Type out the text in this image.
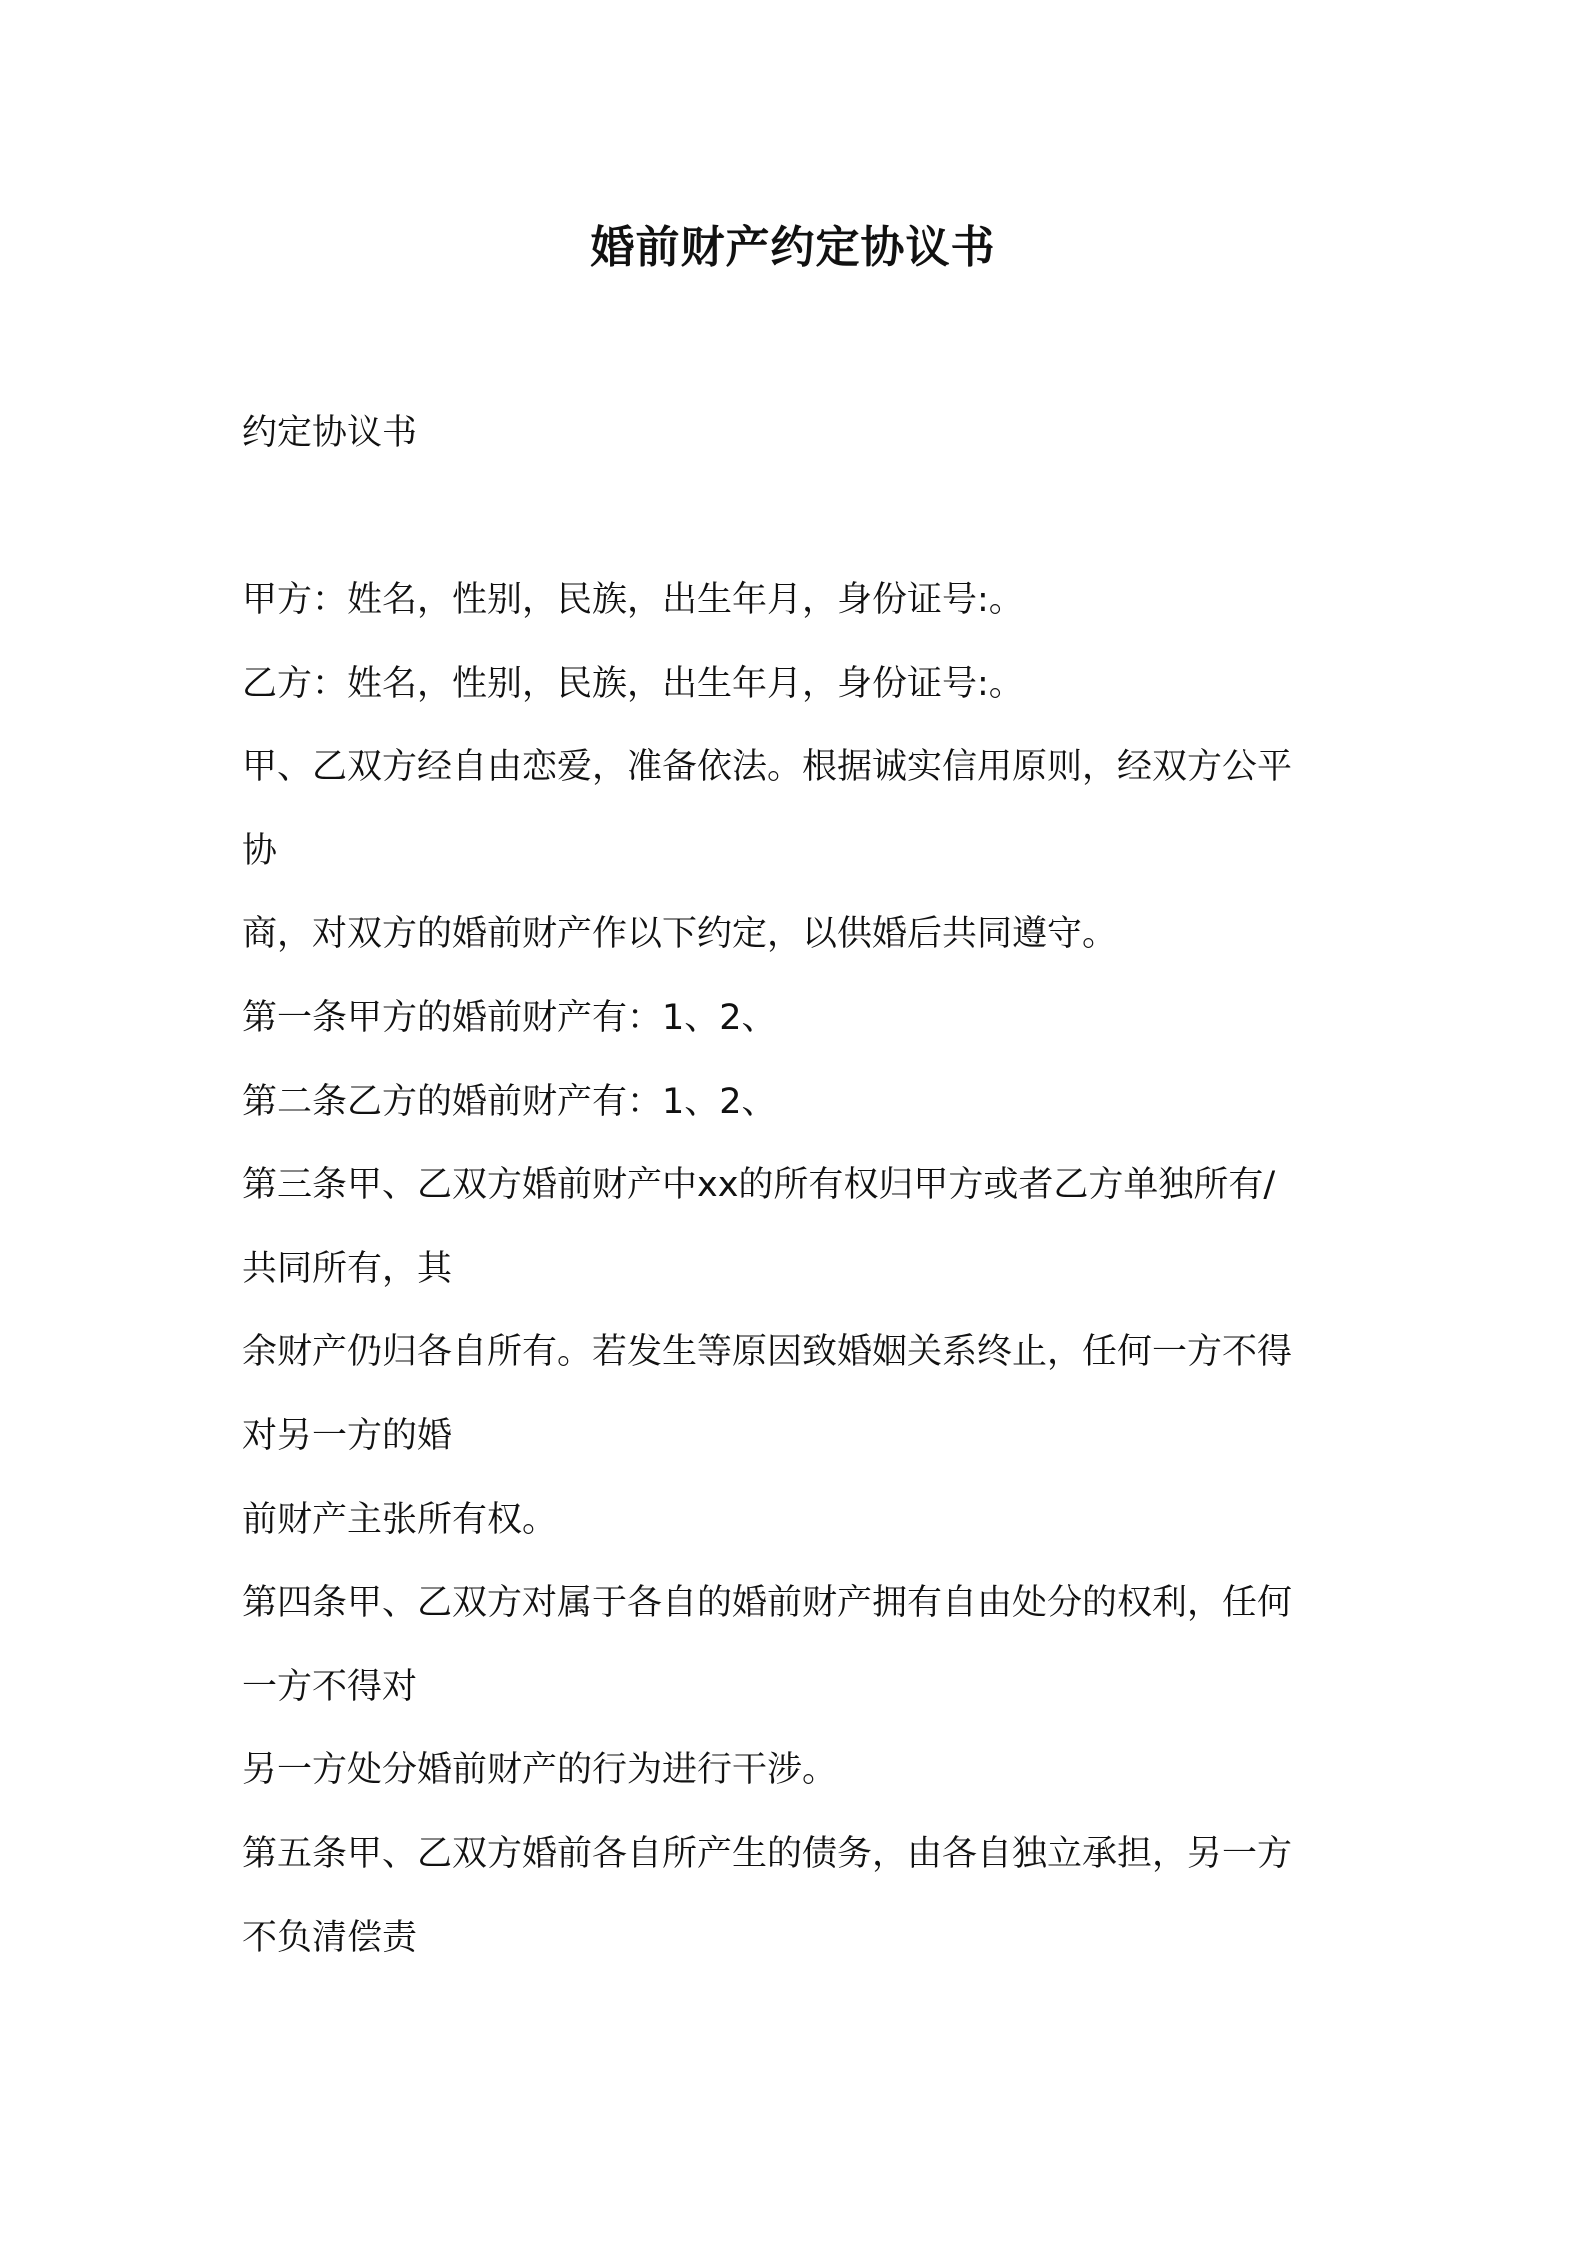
婚前财产约定协议书
约定协议书
甲方：姓名，性别，民族，出生年月，身份证号:。
乙方：姓名，性别，民族，出生年月，身份证号:。
甲、乙双方经自由恋爱，准备依法。根据诚实信用原则，经双方公平
协
商，对双方的婚前财产作以下约定，以供婚后共同遵守。
第一条甲方的婚前财产有：1、2、
第二条乙方的婚前财产有：1、2、
第三条甲、乙双方婚前财产中xx的所有权归甲方或者乙方单独所有/
共同所有，其
余财产仍归各自所有。若发生等原因致婚姻关系终止，任何一方不得
对另一方的婚
前财产主张所有权。
第四条甲、乙双方对属于各自的婚前财产拥有自由处分的权利，任何
一方不得对
另一方处分婚前财产的行为进行干涉。
第五条甲、乙双方婚前各自所产生的债务，由各自独立承担，另一方
不负清偿责
